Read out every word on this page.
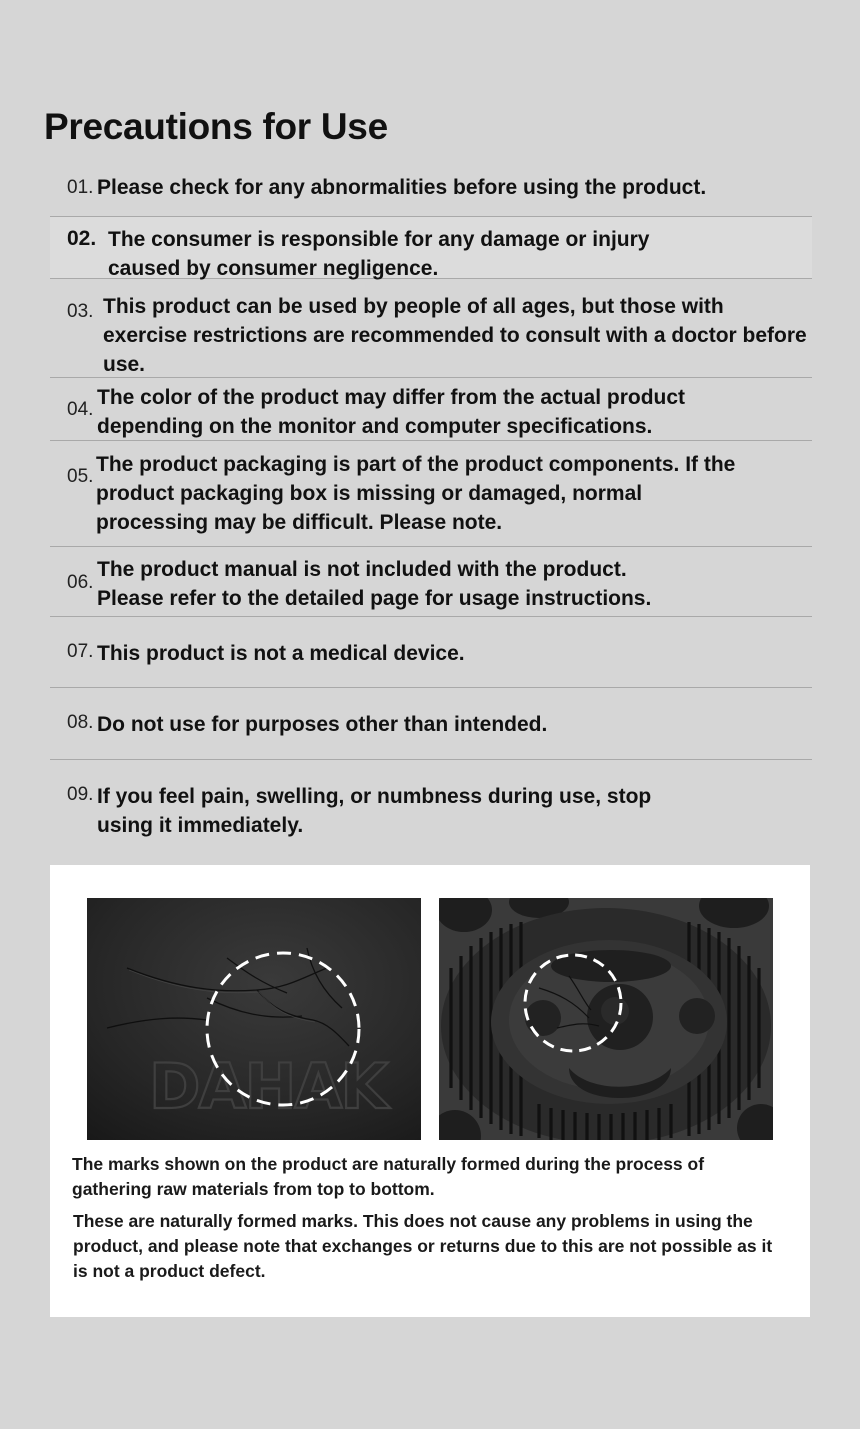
Precautions for Use
01. Please check for any abnormalities before using the product.
02. The consumer is responsible for any damage or injury caused by consumer negligence.
03. This product can be used by people of all ages, but those with exercise restrictions are recommended to consult with a doctor before use.
04.
The color of the product may differ from the actual product depending on the monitor and computer specifications.
05.
The product packaging is part of the product components. If the product packaging box is missing or damaged, normal processing may be difficult. Please note.
06.
The product manual is not included with the product. Please refer to the detailed page for usage instructions.
07. This product is not a medical device.
08. Do not use for purposes other than intended.
09. If you feel pain, swelling, or numbness during use, stop using it immediately.
DAHAK

The marks shown on the product are naturally formed during the process of gathering raw materials from top to bottom.

These are naturally formed marks. This does not cause any problems in using the product, and please note that exchanges or returns due to this are not possible as it is not a product defect.
